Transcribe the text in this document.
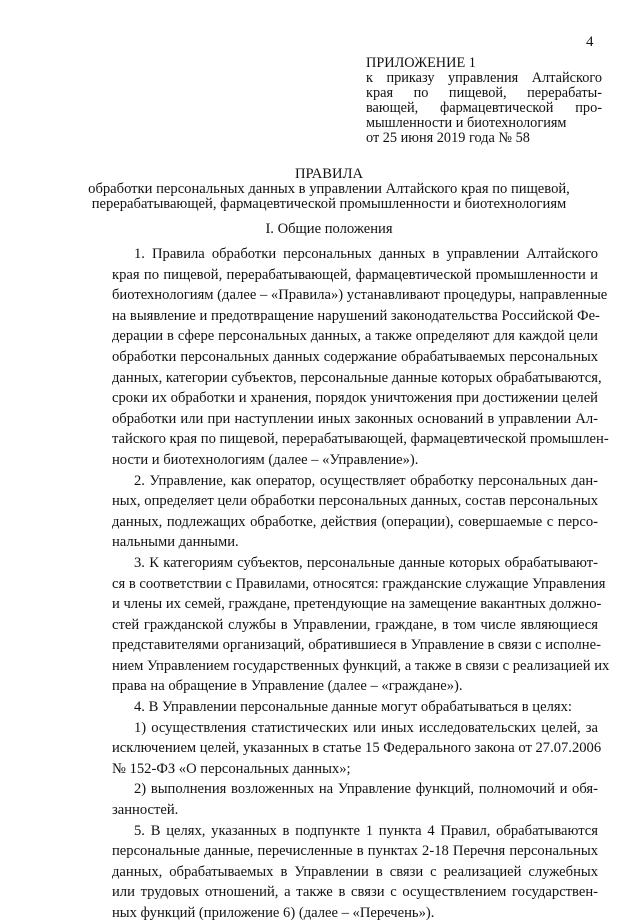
4
ПРИЛОЖЕНИЕ 1
к приказу управления Алтайского
края по пищевой, перерабаты-
вающей, фармацевтической про-
мышленности и биотехнологиям
от 25 июня 2019 года № 58
ПРАВИЛА
обработки персональных данных в управлении Алтайского края по пищевой,
перерабатывающей, фармацевтической промышленности и биотехнологиям
I. Общие положения
1. Правила обработки персональных данных в управлении Алтайского
края по пищевой, перерабатывающей, фармацевтической промышленности и
биотехнологиям (далее – «Правила») устанавливают процедуры, направленные
на выявление и предотвращение нарушений законодательства Российской Фе-
дерации в сфере персональных данных, а также определяют для каждой цели
обработки персональных данных содержание обрабатываемых персональных
данных, категории субъектов, персональные данные которых обрабатываются,
сроки их обработки и хранения, порядок уничтожения при достижении целей
обработки или при наступлении иных законных оснований в управлении Ал-
тайского края по пищевой, перерабатывающей, фармацевтической промышлен-
ности и биотехнологиям (далее – «Управление»).
2. Управление, как оператор, осуществляет обработку персональных дан-
ных, определяет цели обработки персональных данных, состав персональных
данных, подлежащих обработке, действия (операции), совершаемые с персо-
нальными данными.
3. К категориям субъектов, персональные данные которых обрабатывают-
ся в соответствии с Правилами, относятся: гражданские служащие Управления
и члены их семей, граждане, претендующие на замещение вакантных должно-
стей гражданской службы в Управлении, граждане, в том числе являющиеся
представителями организаций, обратившиеся в Управление в связи с исполне-
нием Управлением государственных функций, а также в связи с реализацией их
права на обращение в Управление (далее – «граждане»).
4. В Управлении персональные данные могут обрабатываться в целях:
1) осуществления статистических или иных исследовательских целей, за
исключением целей, указанных в статье 15 Федерального закона от 27.07.2006
№ 152-ФЗ «О персональных данных»;
2) выполнения возложенных на Управление функций, полномочий и обя-
занностей.
5. В целях, указанных в подпункте 1 пункта 4 Правил, обрабатываются
персональные данные, перечисленные в пунктах 2-18 Перечня персональных
данных, обрабатываемых в Управлении в связи с реализацией служебных
или трудовых отношений, а также в связи с осуществлением государствен-
ных функций (приложение 6) (далее – «Перечень»).
